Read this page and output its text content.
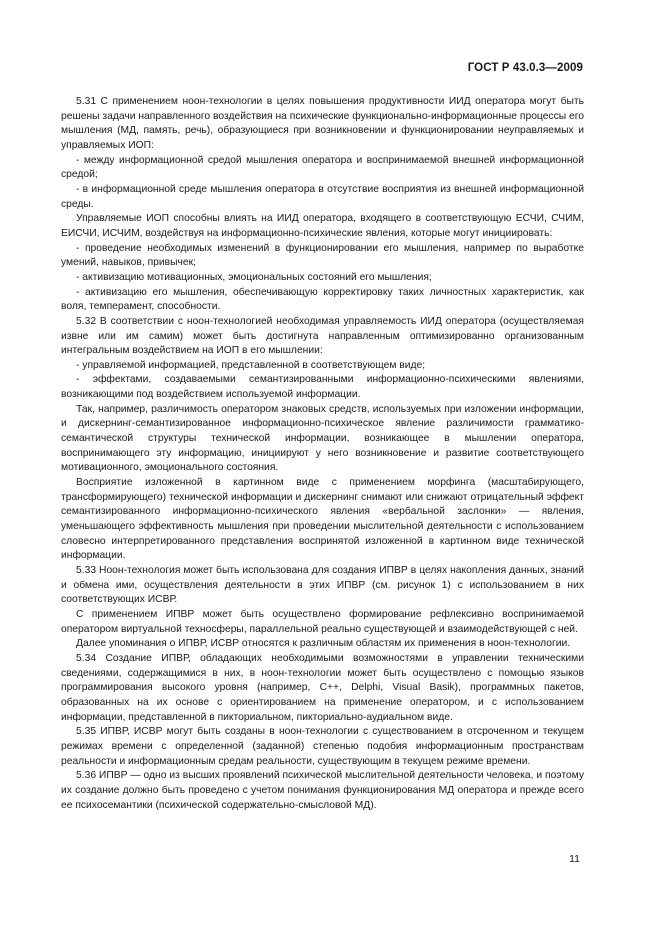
ГОСТ Р 43.0.3—2009

5.31 С применением ноон-технологии в целях повышения продуктивности ИИД оператора могут быть решены задачи направленного воздействия на психические функционально-информационные процессы его мышления (МД, память, речь), образующиеся при возникновении и функционировании неуправляемых и управляемых ИОП:

- между информационной средой мышления оператора и воспринимаемой внешней информационной средой;

- в информационной среде мышления оператора в отсутствие восприятия из внешней информационной среды.

Управляемые ИОП способны влиять на ИИД оператора, входящего в соответствующую ЕСЧИ, СЧИМ, ЕИСЧИ, ИСЧИМ, воздействуя на информационно-психические явления, которые могут инициировать:

- проведение необходимых изменений в функционировании его мышления, например по выработке умений, навыков, привычек;

- активизацию мотивационных, эмоциональных состояний его мышления;

- активизацию его мышления, обеспечивающую корректировку таких личностных характеристик, как воля, темперамент, способности.

5.32 В соответствии с ноон-технологией необходимая управляемость ИИД оператора (осуществляемая извне или им самим) может быть достигнута направленным оптимизированно организованным интегральным воздействием на ИОП в его мышлении:

- управляемой информацией, представленной в соответствующем виде;

- эффектами, создаваемыми семантизированными информационно-психическими явлениями, возникающими под воздействием используемой информации.

Так, например, различимость оператором знаковых средств, используемых при изложении информации, и дискернинг-семантизированное информационно-психическое явление различимости грамматико-семантической структуры технической информации, возникающее в мышлении оператора, воспринимающего эту информацию, инициируют у него возникновение и развитие соответствующего мотивационного, эмоционального состояния.

Восприятие изложенной в картинном виде с применением морфинга (масштабирующего, трансформирующего) технической информации и дискернинг снимают или снижают отрицательный эффект семантизированного информационно-психического явления «вербальной заслонки» — явления, уменьшающего эффективность мышления при проведении мыслительной деятельности с использованием словесно интерпретированного представления воспринятой изложенной в картинном виде технической информации.

5.33 Ноон-технология может быть использована для создания ИПВР в целях накопления данных, знаний и обмена ими, осуществления деятельности в этих ИПВР (см. рисунок 1) с использованием в них соответствующих ИСВР.

С применением ИПВР может быть осуществлено формирование рефлексивно воспринимаемой оператором виртуальной техносферы, параллельной реально существующей и взаимодействующей с ней.

Далее упоминания о ИПВР, ИСВР относятся к различным областям их применения в ноон-технологии.

5.34 Создание ИПВР, обладающих необходимыми возможностями в управлении техническими сведениями, содержащимися в них, в ноон-технологии может быть осуществлено с помощью языков программирования высокого уровня (например, С++, Delphi, Visual Basik), программных пакетов, образованных на их основе с ориентированием на применение оператором, и с использованием информации, представленной в пикториальном, пикториально-аудиальном виде.

5.35 ИПВР, ИСВР могут быть созданы в ноон-технологии с существованием в отсроченном и текущем режимах времени с определенной (заданной) степенью подобия информационным пространствам реальности и информационным средам реальности, существующим в текущем режиме времени.

5.36 ИПВР — одно из высших проявлений психической мыслительной деятельности человека, и поэтому их создание должно быть проведено с учетом понимания функционирования МД оператора и прежде всего ее психосемантики (психической содержательно-смысловой МД).

11
